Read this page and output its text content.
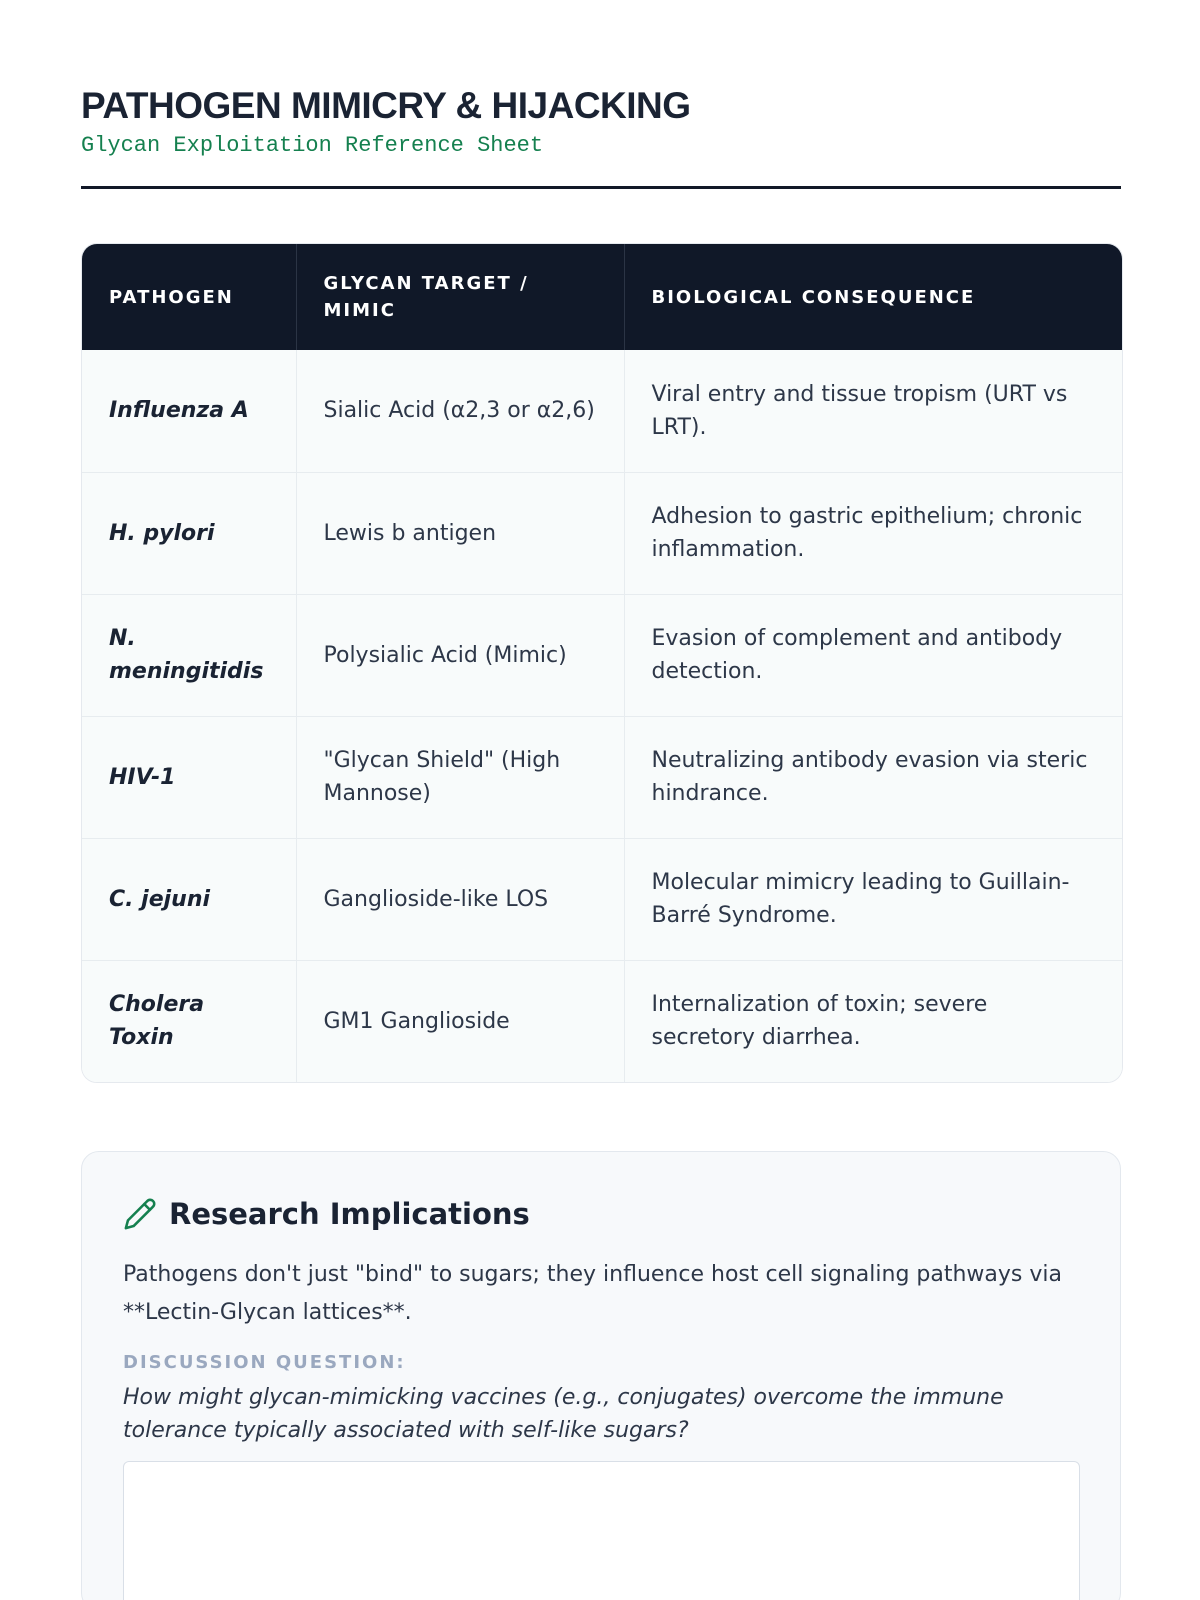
PATHOGEN MIMICRY & HIJACKING
Glycan Exploitation Reference Sheet
PATHOGEN	GLYCAN TARGET / MIMIC	BIOLOGICAL CONSEQUENCE
Influenza A	Sialic Acid (α2,3 or α2,6)	Viral entry and tissue tropism (URT vs LRT).
H. pylori	Lewis b antigen	Adhesion to gastric epithelium; chronic inflammation.
N. meningitidis	Polysialic Acid (Mimic)	Evasion of complement and antibody detection.
HIV-1	"Glycan Shield" (High Mannose)	Neutralizing antibody evasion via steric hindrance.
C. jejuni	Ganglioside-like LOS	Molecular mimicry leading to Guillain-Barré Syndrome.
Cholera Toxin	GM1 Ganglioside	Internalization of toxin; severe secretory diarrhea.
Research Implications
Pathogens don't just "bind" to sugars; they influence host cell signaling pathways via **Lectin-Glycan lattices**.
DISCUSSION QUESTION:
How might glycan-mimicking vaccines (e.g., conjugates) overcome the immune tolerance typically associated with self-like sugars?
